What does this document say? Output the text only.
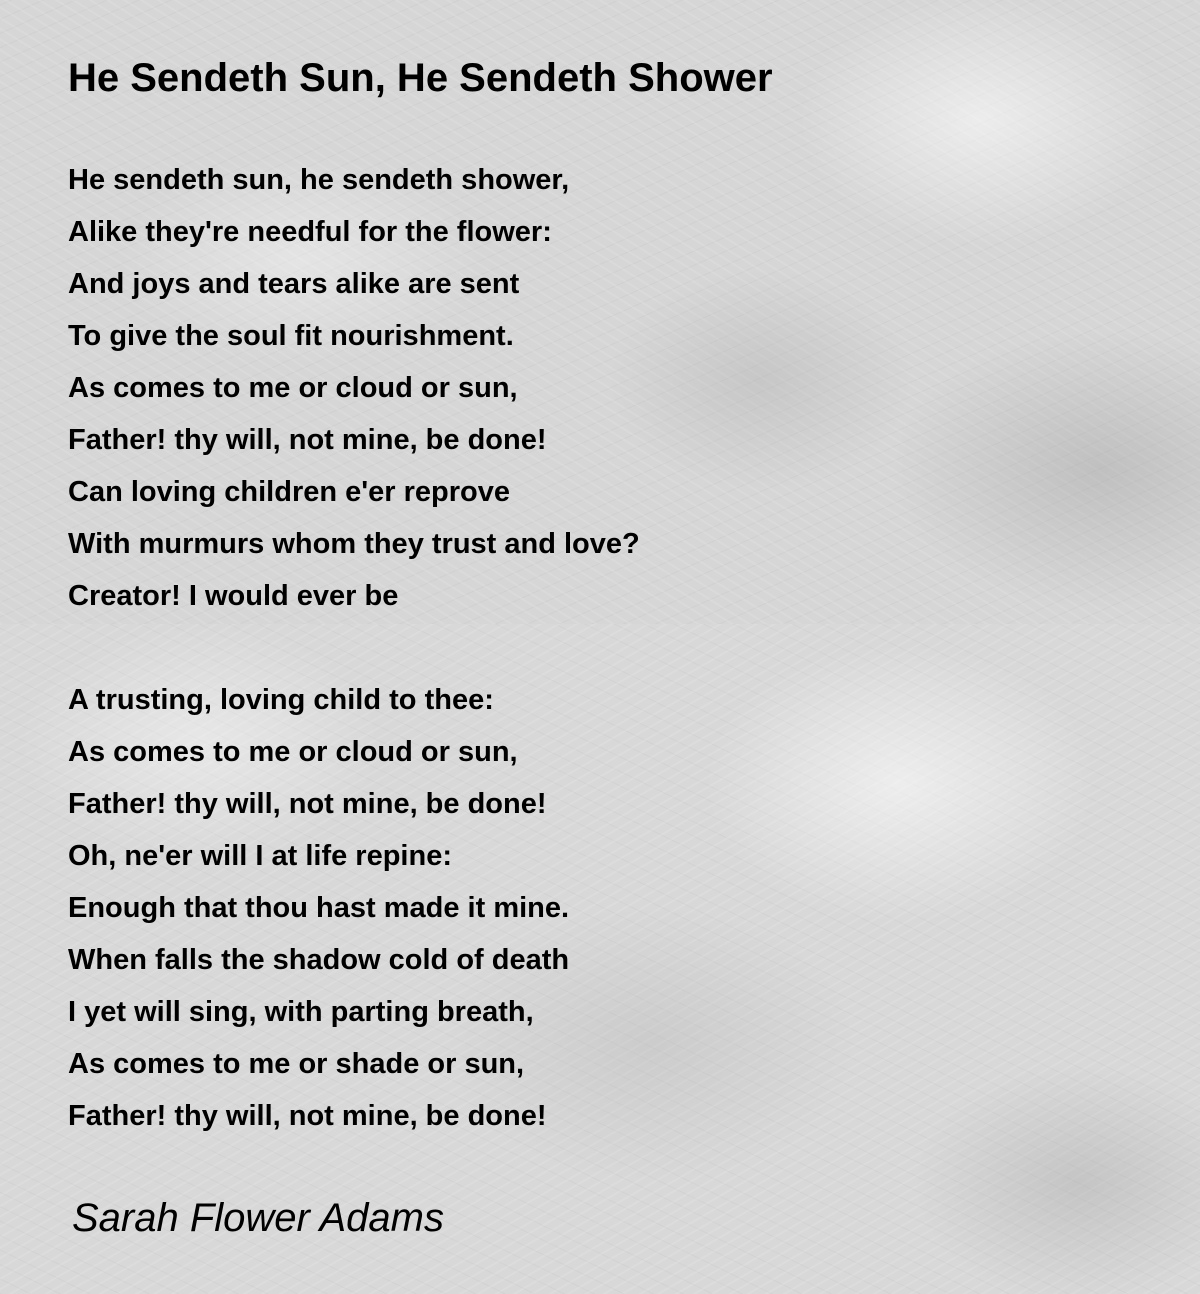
He Sendeth Sun, He Sendeth Shower
He sendeth sun, he sendeth shower,
Alike they're needful for the flower:
And joys and tears alike are sent
To give the soul fit nourishment.
As comes to me or cloud or sun,
Father! thy will, not mine, be done!
Can loving children e'er reprove
With murmurs whom they trust and love?
Creator! I would ever be
A trusting, loving child to thee:
As comes to me or cloud or sun,
Father! thy will, not mine, be done!
Oh, ne'er will I at life repine:
Enough that thou hast made it mine.
When falls the shadow cold of death
I yet will sing, with parting breath,
As comes to me or shade or sun,
Father! thy will, not mine, be done!
Sarah Flower Adams
